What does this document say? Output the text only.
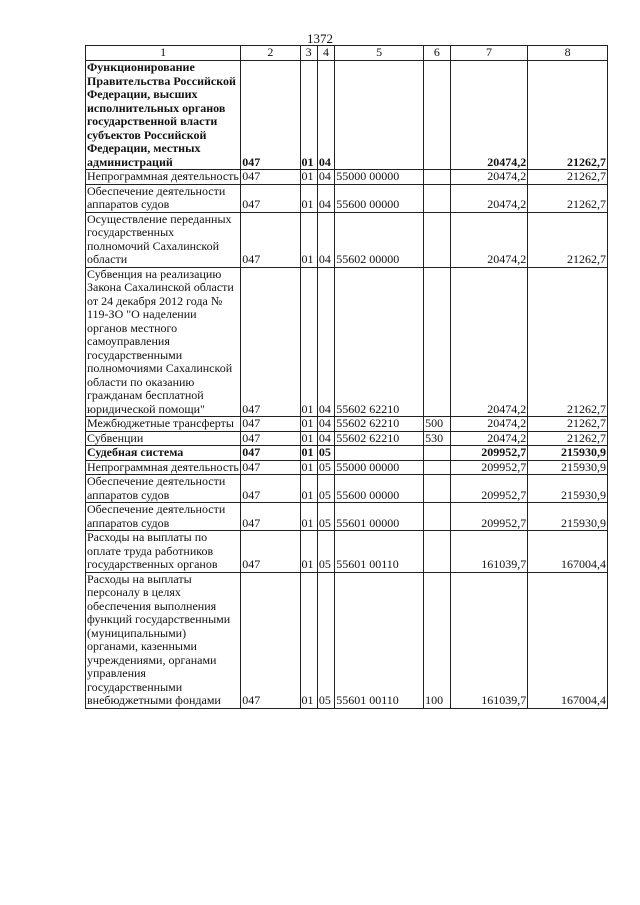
1372
1	2	3	4	5	6	7	8
Функционирование Правительства Российской Федерации, высших исполнительных органов государственной власти субъектов Российской Федерации, местных администраций	047	01	04			20474,2	21262,7
Непрограммная деятельность	047	01	04	55000 00000		20474,2	21262,7
Обеспечение деятельности аппаратов судов	047	01	04	55600 00000		20474,2	21262,7
Осуществление переданных государственных полномочий Сахалинской области	047	01	04	55602 00000		20474,2	21262,7
Субвенция на реализацию Закона Сахалинской области от 24 декабря 2012 года № 119-ЗО "О наделении органов местного самоуправления государственными полномочиями Сахалинской области по оказанию гражданам бесплатной юридической помощи"	047	01	04	55602 62210		20474,2	21262,7
Межбюджетные трансферты	047	01	04	55602 62210	500	20474,2	21262,7
Субвенции	047	01	04	55602 62210	530	20474,2	21262,7
Судебная система	047	01	05			209952,7	215930,9
Непрограммная деятельность	047	01	05	55000 00000		209952,7	215930,9
Обеспечение деятельности аппаратов судов	047	01	05	55600 00000		209952,7	215930,9
Обеспечение деятельности аппаратов судов	047	01	05	55601 00000		209952,7	215930,9
Расходы на выплаты по оплате труда работников государственных органов	047	01	05	55601 00110		161039,7	167004,4
Расходы на выплаты персоналу в целях обеспечения выполнения функций государственными (муниципальными) органами, казенными учреждениями, органами управления государственными внебюджетными фондами	047	01	05	55601 00110	100	161039,7	167004,4
